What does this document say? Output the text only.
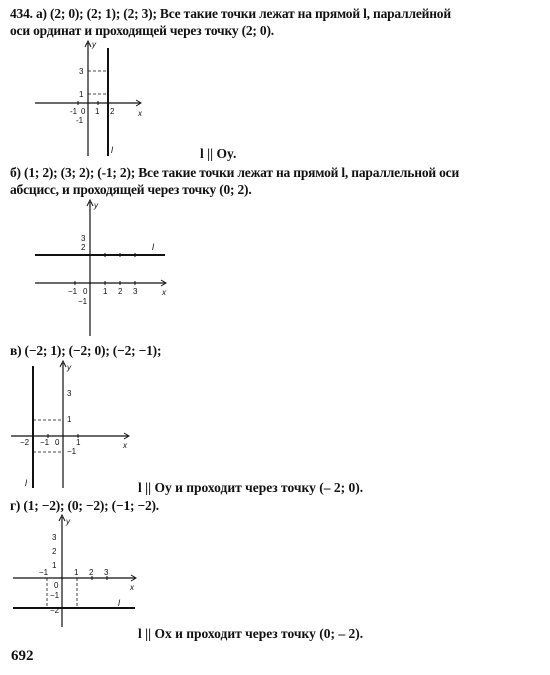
434. а) (2; 0); (2; 1); (2; 3); Все такие точки лежат на прямой l, параллейной
оси ординат и проходящей через точку (2; 0).
y
x
l
3
1
-1 0 1 2
-1
l || Oy.
б) (1; 2); (3; 2); (-1; 2); Все такие точки лежат на прямой l, параллельной оси
абсцисс, и проходящей через точку (0; 2).
y
x
l
3
2
−1 0 1 2 3
−1
в) (−2; 1); (−2; 0); (−2; −1);
y
x
l
3
1
−2 −1 0 1
−1
l || Oy и проходит через точку (– 2; 0).
г) (1; −2); (0; −2); (−1; −2).
y
x
l
3
2
1
−1
0
1 2 3
−1
−2
l || Ox и проходит через точку (0; – 2).
692
